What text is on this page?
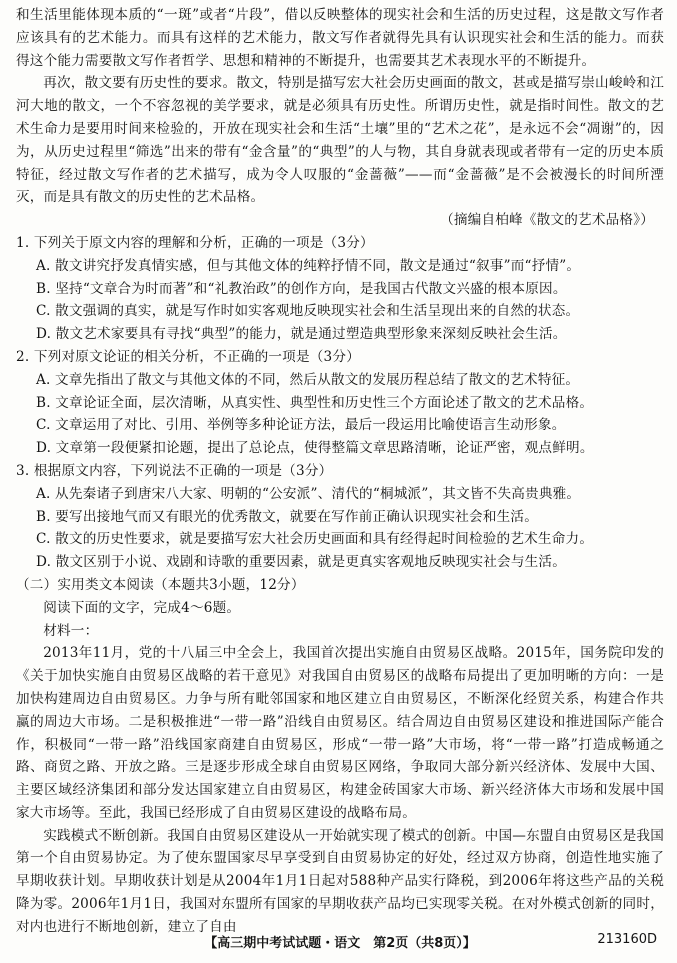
和生活里能体现本质的“一斑”或者“片段”，借以反映整体的现实社会和生活的历史过程，这是散文写作者应该具有的艺术能力。而具有这样的艺术能力，散文写作者就得先具有认识现实社会和生活的能力。而获得这个能力需要散文写作者哲学、思想和精神的不断提升，也需要其艺术表现水平的不断提升。

再次，散文要有历史性的要求。散文，特别是描写宏大社会历史画面的散文，甚或是描写崇山峻岭和江河大地的散文，一个不容忽视的美学要求，就是必须具有历史性。所谓历史性，就是指时间性。散文的艺术生命力是要用时间来检验的，开放在现实社会和生活“土壤”里的“艺术之花”，是永远不会“凋谢”的，因为，从历史过程里“筛选”出来的带有“金含量”的“典型”的人与物，其自身就表现或者带有一定的历史本质特征，经过散文写作者的艺术描写，成为令人叹服的“金蔷薇”——而“金蔷薇”是不会被漫长的时间所湮灭，而是具有散文的历史性的艺术品格。

（摘编自柏峰《散文的艺术品格》）

1. 下列关于原文内容的理解和分析，正确的一项是（3分）

A. 散文讲究抒发真情实感，但与其他文体的纯粹抒情不同，散文是通过“叙事”而“抒情”。

B. 坚持“文章合为时而著”和“礼教治政”的创作方向，是我国古代散文兴盛的根本原因。

C. 散文强调的真实，就是写作时如实客观地反映现实社会和生活呈现出来的自然的状态。

D. 散文艺术家要具有寻找“典型”的能力，就是通过塑造典型形象来深刻反映社会生活。

2. 下列对原文论证的相关分析，不正确的一项是（3分）

A. 文章先指出了散文与其他文体的不同，然后从散文的发展历程总结了散文的艺术特征。

B. 文章论证全面，层次清晰，从真实性、典型性和历史性三个方面论述了散文的艺术品格。

C. 文章运用了对比、引用、举例等多种论证方法，最后一段运用比喻使语言生动形象。

D. 文章第一段便紧扣论题，提出了总论点，使得整篇文章思路清晰，论证严密，观点鲜明。

3. 根据原文内容，下列说法不正确的一项是（3分）

A. 从先秦诸子到唐宋八大家、明朝的“公安派”、清代的“桐城派”，其文皆不失高贵典雅。

B. 要写出接地气而又有眼光的优秀散文，就要在写作前正确认识现实社会和生活。

C. 散文的历史性要求，就是要描写宏大社会历史画面和具有经得起时间检验的艺术生命力。

D. 散文区别于小说、戏剧和诗歌的重要因素，就是更真实客观地反映现实社会与生活。

（二）实用类文本阅读（本题共3小题，12分）

阅读下面的文字，完成4～6题。

材料一：

2013年11月，党的十八届三中全会上，我国首次提出实施自由贸易区战略。2015年，国务院印发的《关于加快实施自由贸易区战略的若干意见》对我国自由贸易区的战略布局提出了更加明晰的方向：一是加快构建周边自由贸易区。力争与所有毗邻国家和地区建立自由贸易区，不断深化经贸关系，构建合作共赢的周边大市场。二是积极推进“一带一路”沿线自由贸易区。结合周边自由贸易区建设和推进国际产能合作，积极同“一带一路”沿线国家商建自由贸易区，形成“一带一路”大市场，将“一带一路”打造成畅通之路、商贸之路、开放之路。三是逐步形成全球自由贸易区网络，争取同大部分新兴经济体、发展中大国、主要区域经济集团和部分发达国家建立自由贸易区，构建金砖国家大市场、新兴经济体大市场和发展中国家大市场等。至此，我国已经形成了自由贸易区建设的战略布局。

实践模式不断创新。我国自由贸易区建设从一开始就实现了模式的创新。中国—东盟自由贸易区是我国第一个自由贸易协定。为了使东盟国家尽早享受到自由贸易协定的好处，经过双方协商，创造性地实施了早期收获计划。早期收获计划是从2004年1月1日起对588种产品实行降税，到2006年将这些产品的关税降为零。2006年1月1日，我国对东盟所有国家的早期收获产品均已实现零关税。在对外模式创新的同时，对内也进行不断地创新，建立了自由

【高三期中考试试题・语文　第2页（共8页）】	213160D
